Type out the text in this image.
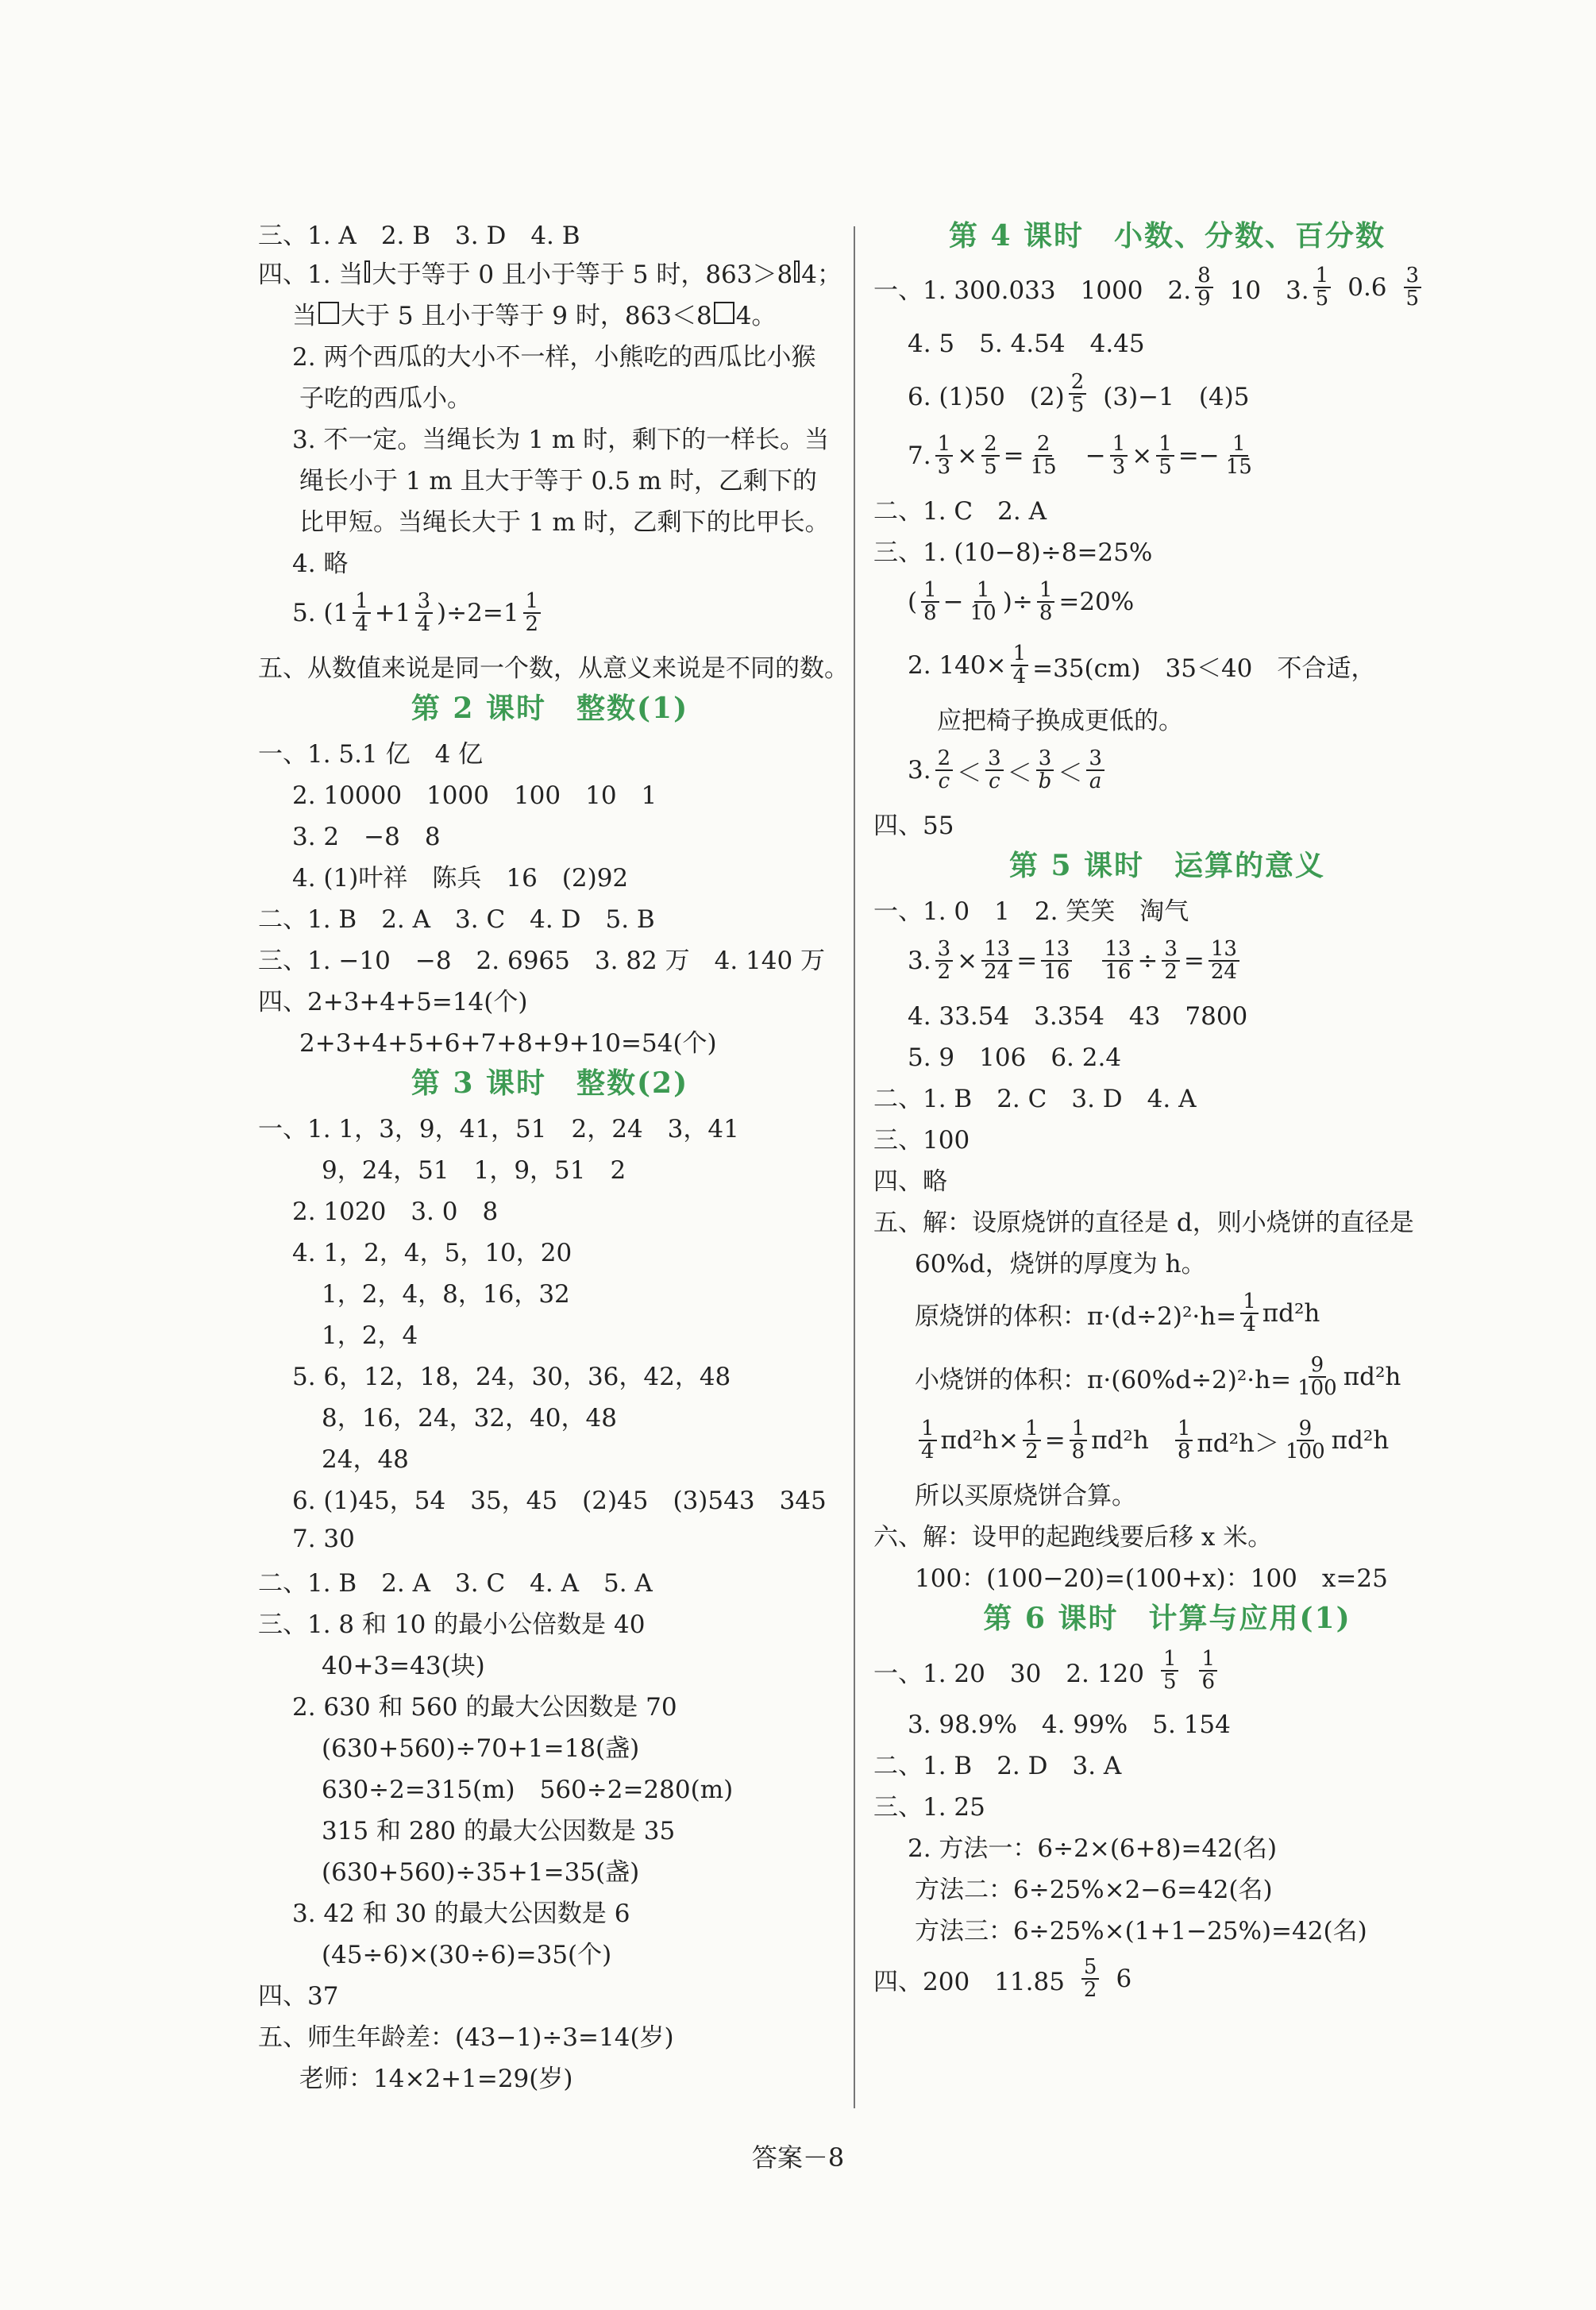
三、1. A　2. B　3. D　4. B
四、1. 当 大于等于 0 且小于等于 5 时，863＞8 4；
当 大于 5 且小于等于 9 时，863＜8 4。
2. 两个西瓜的大小不一样，小熊吃的西瓜比小猴
子吃的西瓜小。
3. 不一定。当绳长为 1 m 时，剩下的一样长。当
绳长小于 1 m 且大于等于 0.5 m 时，乙剩下的
比甲短。当绳长大于 1 m 时，乙剩下的比甲长。
4. 略
5. $(1 \frac{1}{4} +1 \frac{3}{4} )\div 2=1 \frac{1}{2}$
五、从数值来说是同一个数，从意义来说是不同的数。
第 2 课时　整数(1)
一、1. 5.1 亿　4 亿
2. 10000　1000　100　10　1
3. 2　−8　8
4. (1)叶祥　陈兵　16　(2)92
二、1. B　2. A　3. C　4. D　5. B
三、1. −10　−8　2. 6965　3. 82 万　4. 140 万
四、2+3+4+5=14(个)
2+3+4+5+6+7+8+9+10=54(个)
第 3 课时　整数(2)
一、1. 1，3，9，41，51　2，24　3，41
9，24，51　1，9，51　2
2. 1020　3. 0　8
4. 1，2，4，5，10，20
1，2，4，8，16，32
1，2，4
5. 6，12，18，24，30，36，42，48
8，16，24，32，40，48
24，48
6. (1)45，54　35，45　(2)45　(3)543　345
7. 30
二、1. B　2. A　3. C　4. A　5. A
三、1. 8 和 10 的最小公倍数是 40
40+3=43(块)
2. 630 和 560 的最大公因数是 70
(630+560)÷70+1=18(盏)
630÷2=315(m)　560÷2=280(m)
315 和 280 的最大公因数是 35
(630+560)÷35+1=35(盏)
3. 42 和 30 的最大公因数是 6
(45÷6)×(30÷6)=35(个)
四、37
五、师生年龄差：(43−1)÷3=14(岁)
老师：14×2+1=29(岁)
第 4 课时　小数、分数、百分数
一、1. 300.033　1000　2. $\frac{8}{9} 10$　3. $\frac{1}{5} 0.6 \frac{3}{5}$
4. 5　5. 4.54　4.45
6. (1)50　$(2) \frac{2}{5} (3)-1$　(4)5
7. $\frac{1}{3} \times \frac{2}{5} = \frac{2}{15} - \frac{1}{3} \times \frac{1}{5} =- \frac{1}{15}$
二、1. C　2. A
三、1. (10−8)÷8=25%
( $\frac{1}{8} - \frac{1}{10}$ )÷ $\frac{1}{8} =20\%$
2. $140\times \frac{1}{4} =35(cm)$　35＜40　不合适，
应把椅子换成更低的。
3. $\frac{2}{c} < \frac{3}{c} < \frac{3}{b} < \frac{3}{a}$
四、55
第 5 课时　运算的意义
一、1. 0　1　2. 笑笑　淘气
3. $\frac{3}{2} \times \frac{13}{24} = \frac{13}{16} \frac{13}{16} \div \frac{3}{2} = \frac{13}{24}$
4. 33.54　3.354　43　7800
5. 9　106　6. 2.4
二、1. B　2. C　3. D　4. A
三、100
四、略
五、解：设原烧饼的直径是 d，则小烧饼的直径是
60%d，烧饼的厚度为 h。
原烧饼的体积：$\pi\cdot(d\div 2)^2\cdot h= \frac{1}{4} \pi d^2h$
小烧饼的体积：$\pi\cdot(60\%d\div 2)^2\cdot h= \frac{9}{100} \pi d^2h$
$\frac{1}{4} \pi d^2h\times \frac{1}{2} = \frac{1}{8} \pi d^2h \frac{1}{8} \pi d^2h> \frac{9}{100} \pi d^2h$
所以买原烧饼合算。
六、解：设甲的起跑线要后移 x 米。
100：(100−20)=(100+x)：100　x=25
第 6 课时　计算与应用(1)
一、1. 20　30　2. $120 \frac{1}{5} \frac{1}{6}$
3. 98.9%　4. 99%　5. 154
二、1. B　2. D　3. A
三、1. 25
2. 方法一：6÷2×(6+8)=42(名)
方法二：6÷25%×2−6=42(名)
方法三：6÷25%×(1+1−25%)=42(名)
四、200　$11.85 \frac{5}{2} 6$
答案－8
